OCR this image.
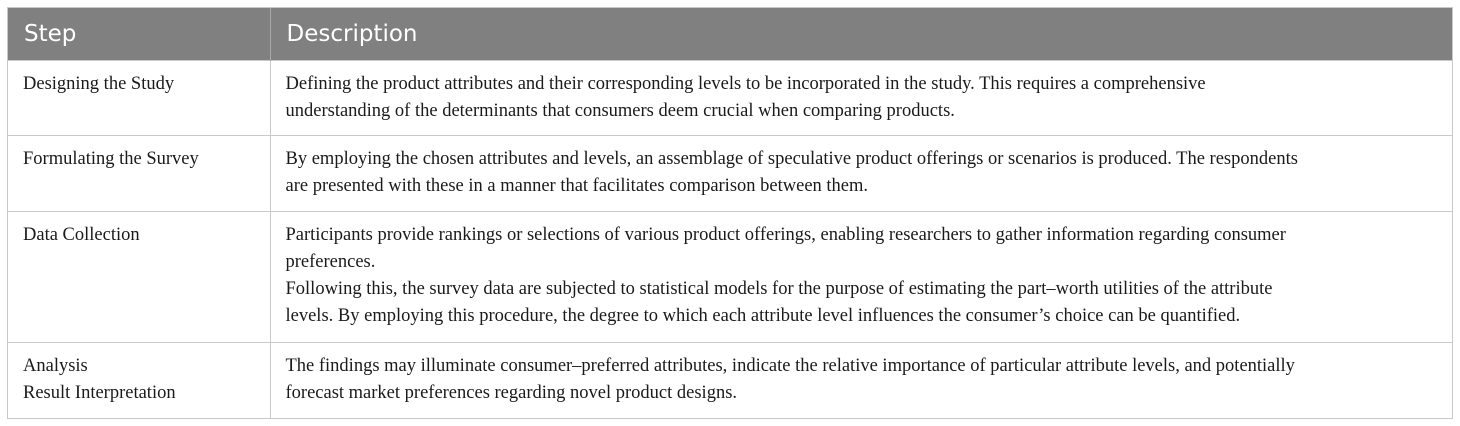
Step	Description

Designing the Study	Defining the product attributes and their corresponding levels to be incorporated in the study. This requires a comprehensive
understanding of the determinants that consumers deem crucial when comparing products.

Formulating the Survey	By employing the chosen attributes and levels, an assemblage of speculative product offerings or scenarios is produced. The respondents
are presented with these in a manner that facilitates comparison between them.

Data Collection	Participants provide rankings or selections of various product offerings, enabling researchers to gather information regarding consumer
preferences.
Following this, the survey data are subjected to statistical models for the purpose of estimating the part–worth utilities of the attribute
levels. By employing this procedure, the degree to which each attribute level influences the consumer’s choice can be quantified.

Analysis
Result Interpretation	The findings may illuminate consumer–preferred attributes, indicate the relative importance of particular attribute levels, and potentially
forecast market preferences regarding novel product designs.
